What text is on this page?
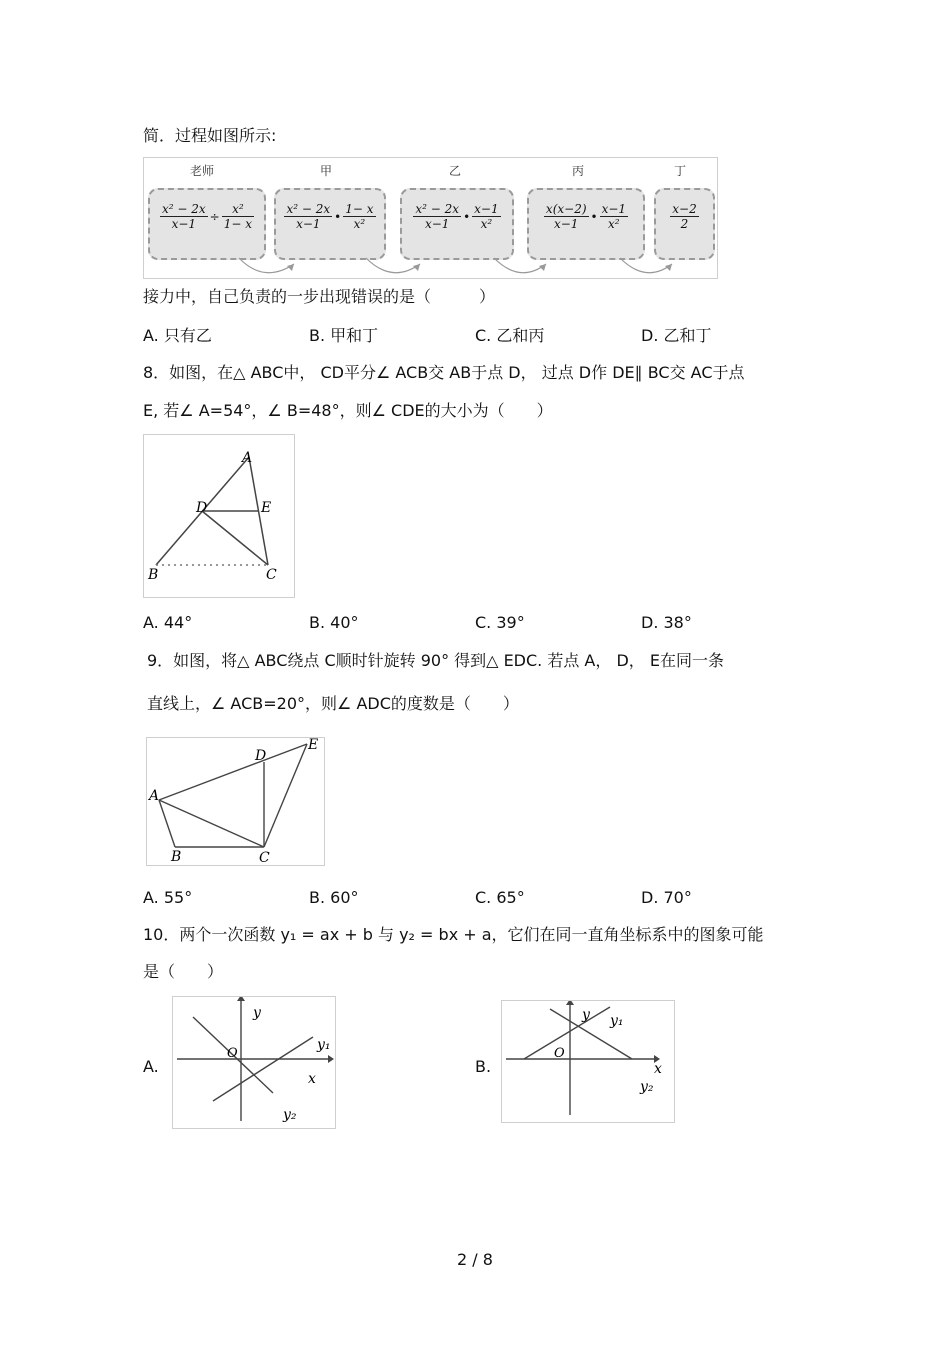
简．过程如图所示:
老师	甲	乙	丙	丁
$\frac{\text{x² − 2x}}{x-1} \div \frac{\text{x²}}{1- x}$	$\frac{\text{x² − 2x}}{x-1}$ • $\frac{1- x}{\text{x²}}$	$\frac{\text{x² − 2x}}{x-1}$ • $\frac{x-1}{\text{x²}}$	$\frac{x(x-2)}{x-1}$ • $\frac{x-1}{\text{x²}}$	$\frac{x-2}{2}$
接力中，自己负责的一步出现错误的是（　　　）
A. 只有乙	B. 甲和丁	C. 乙和丙	D. 乙和丁
8．如图，在△ ABC中， CD平分∠ ACB交 AB于点 D， 过点 D作 DE∥ BC交 AC于点
E, 若∠ A=54°，∠ B=48°，则∠ CDE的大小为（　　）
A
D	E
B	C
A. 44°	B. 40°	C. 39°	D. 38°
9．如图，将△ ABC绕点 C顺时针旋转 90° 得到△ EDC. 若点 A， D， E在同一条
直线上，∠ ACB=20°，则∠ ADC的度数是（　　）
A
B	C
D
E
A. 55°	B. 60°	C. 65°	D. 70°
10．两个一次函数 y₁ = ax + b 与 y₂ = bx + a，它们在同一直角坐标系中的图象可能
是（　　）
A.
y
x
O
y₁
y₂
B.
y
x
O
y₁
y₂
2 / 8
